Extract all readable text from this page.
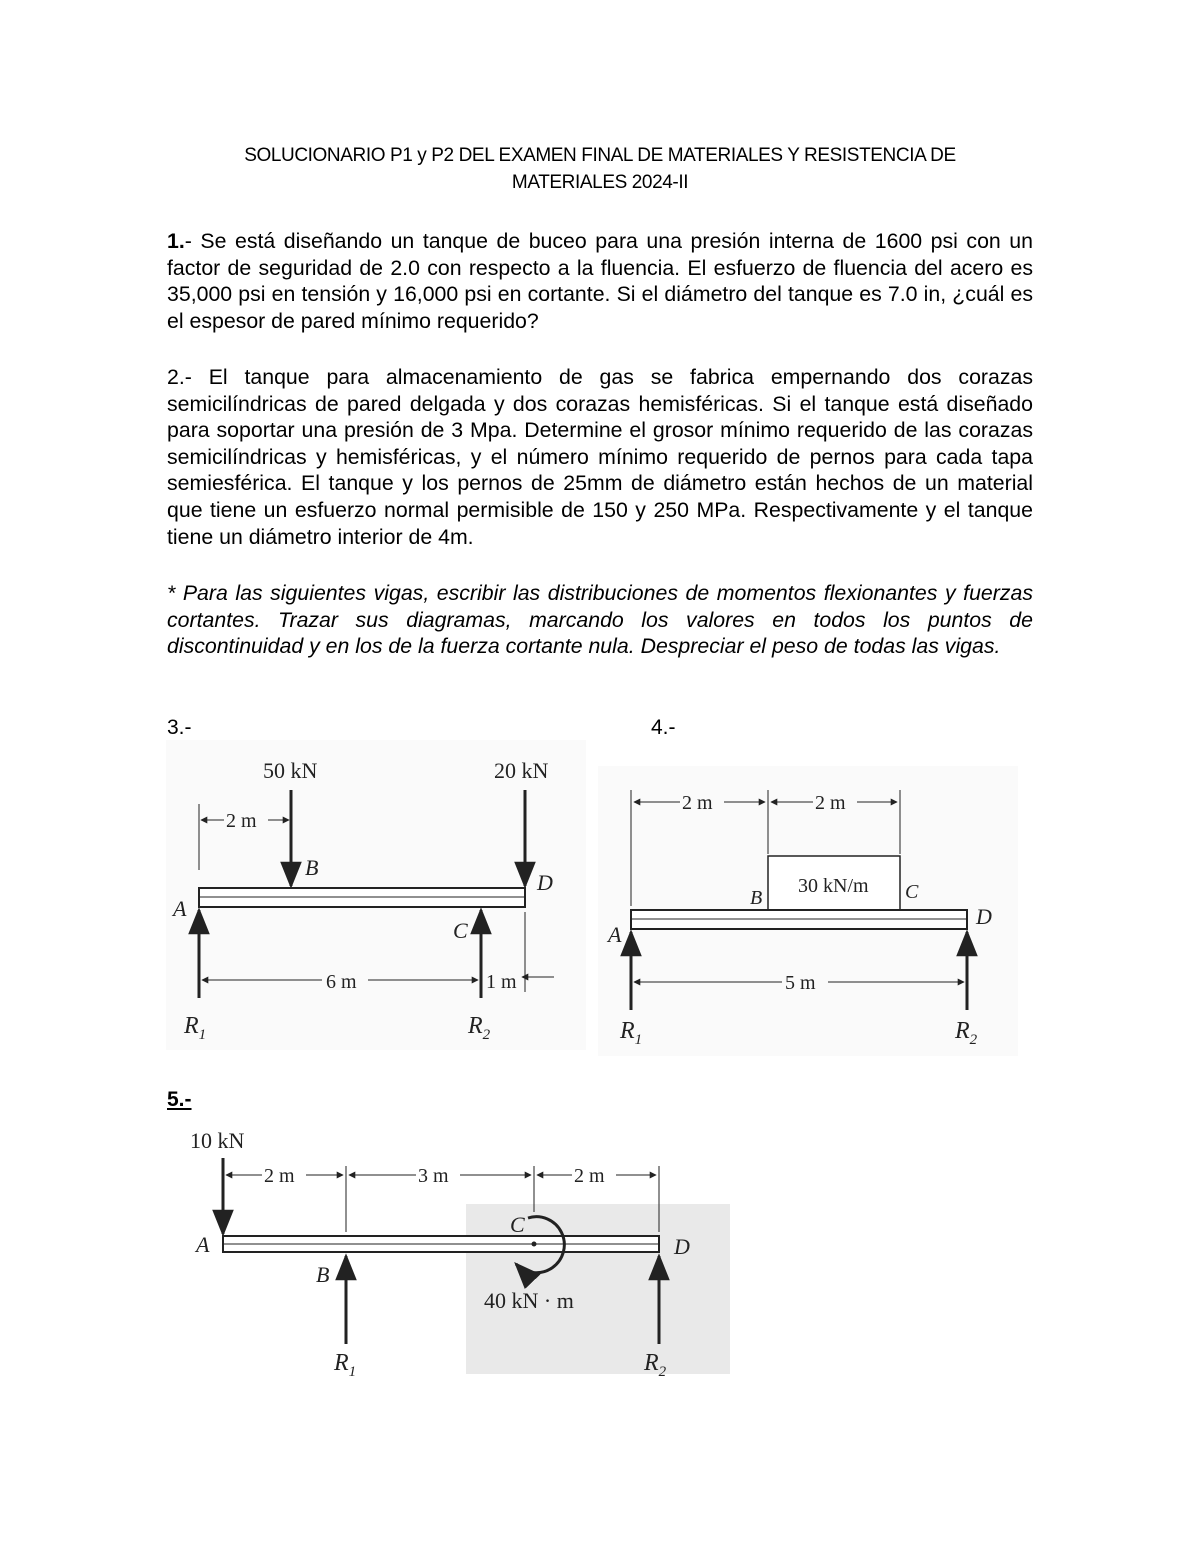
SOLUCIONARIO P1 y P2 DEL EXAMEN FINAL DE MATERIALES Y RESISTENCIA DE
MATERIALES 2024-II
1.- Se está diseñando un tanque de buceo para una presión interna de 1600 psi con un factor de seguridad de 2.0 con respecto a la fluencia. El esfuerzo de fluencia del acero es 35,000 psi en tensión y 16,000 psi en cortante. Si el diámetro del tanque es 7.0 in, ¿cuál es el espesor de pared mínimo requerido?
2.- El tanque para almacenamiento de gas se fabrica empernando dos corazas semicilíndricas de pared delgada y dos corazas hemisféricas. Si el tanque está diseñado para soportar una presión de 3 Mpa. Determine el grosor mínimo requerido de las corazas semicilíndricas y hemisféricas, y el número mínimo requerido de pernos para cada tapa semiesférica. El tanque y los pernos de 25mm de diámetro están hechos de un material que tiene un esfuerzo normal permisible de 150 y 250 MPa. Respectivamente y el tanque tiene un diámetro interior de 4m.
* Para las siguientes vigas, escribir las distribuciones de momentos flexionantes y fuerzas cortantes. Trazar sus diagramas, marcando los valores en todos los puntos de discontinuidad y en los de la fuerza cortante nula. Despreciar el peso de todas las vigas.
3.-	4.-
5.-
50 kN	20 kN
2 m
B
D
A
C
6 m	1 m
$R_1$	$R_2$
2 m	2 m
30 kN/m
B	C
D
A
5 m
$R_1$	$R_2$
10 kN
2 m	3 m	2 m
A	D
C
B
40 kN · m
$R_1$	$R_2$
